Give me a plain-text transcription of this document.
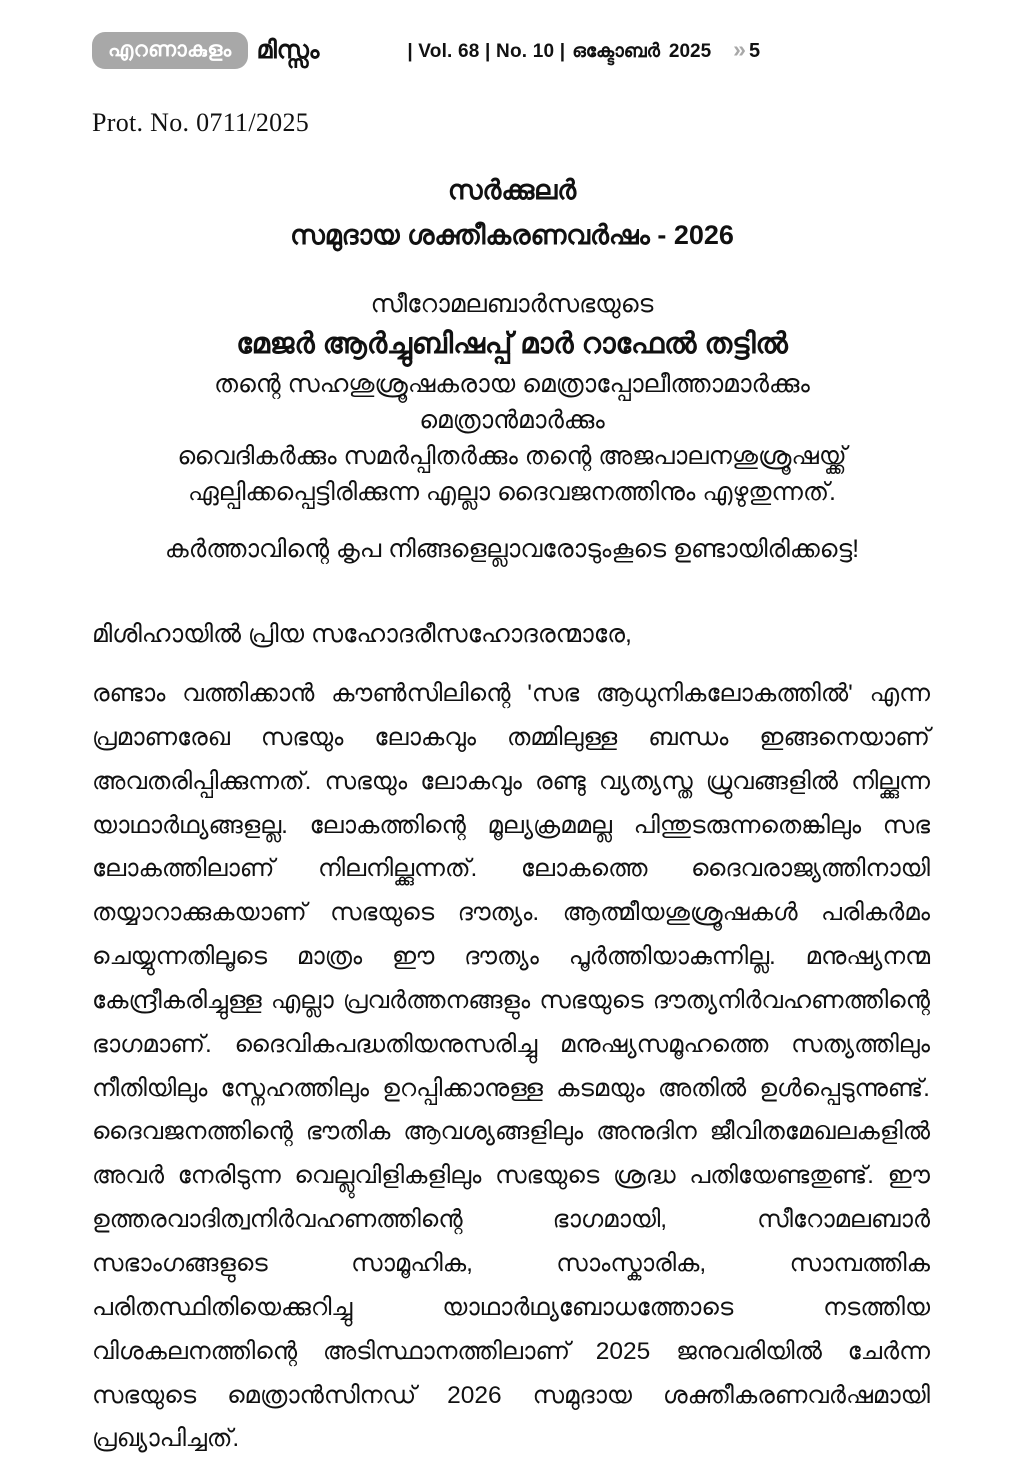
എറണാകുളം	മിസ്സം	| Vol. 68 | No. 10 | ഒക്ടോബർ 2025 » 5
Prot. No. 0711/2025
സർക്കുലർ
സമുദായ ശക്തീകരണവർഷം - 2026
സീറോമലബാർസഭയുടെ
മേജർ ആർച്ചുബിഷപ്പ് മാർ റാഫേൽ തട്ടിൽ
തന്റെ സഹശുശ്രൂഷകരായ മെത്രാപ്പോലീത്താമാർക്കും
മെത്രാൻമാർക്കും
വൈദികർക്കും സമർപ്പിതർക്കും തന്റെ അജപാലനശുശ്രൂഷയ്ക്ക്
ഏല്പിക്കപ്പെട്ടിരിക്കുന്ന എല്ലാ ദൈവജനത്തിനും എഴുതുന്നത്.
കർത്താവിന്റെ കൃപ നിങ്ങളെല്ലാവരോടുംകൂടെ ഉണ്ടായിരിക്കട്ടെ!
മിശിഹായിൽ പ്രിയ സഹോദരീസഹോദരന്മാരേ,

രണ്ടാം വത്തിക്കാൻ കൗൺസിലിന്റെ 'സഭ ആധുനികലോകത്തിൽ' എന്ന പ്രമാണരേഖ സഭയും ലോകവും തമ്മിലുള്ള ബന്ധം ഇങ്ങനെയാണ് അവതരിപ്പിക്കുന്നത്. സഭയും ലോകവും രണ്ടു വ്യത്യസ്ത ധ്രുവങ്ങളിൽ നില്ക്കുന്ന യാഥാർഥ്യങ്ങളല്ല. ലോകത്തിന്റെ മൂല്യക്രമമല്ല പിന്തുടരുന്നതെങ്കിലും സഭ ലോകത്തിലാണ് നിലനില്ക്കുന്നത്. ലോകത്തെ ദൈവരാജ്യത്തിനായി തയ്യാറാക്കുകയാണ് സഭയുടെ ദൗത്യം. ആത്മീയശുശ്രൂഷകൾ പരികർമം ചെയ്യുന്നതിലൂടെ മാത്രം ഈ ദൗത്യം പൂർത്തിയാകുന്നില്ല. മനുഷ്യനന്മ കേന്ദ്രീകരിച്ചുള്ള എല്ലാ പ്രവർത്തനങ്ങളും സഭയുടെ ദൗത്യനിർവഹണത്തിന്റെ ഭാഗമാണ്. ദൈവികപദ്ധതിയനുസരിച്ചു മനുഷ്യസമൂഹത്തെ സത്യത്തിലും നീതിയിലും സ്നേഹത്തിലും ഉറപ്പിക്കാനുള്ള കടമയും അതിൽ ഉൾപ്പെടുന്നുണ്ട്. ദൈവജനത്തിന്റെ ഭൗതിക ആവശ്യങ്ങളിലും അനുദിന ജീവിതമേഖലകളിൽ അവർ നേരിടുന്ന വെല്ലുവിളികളിലും സഭയുടെ ശ്രദ്ധ പതിയേണ്ടതുണ്ട്. ഈ ഉത്തരവാദിത്വനിർവഹണത്തിന്റെ ഭാഗമായി, സീറോമലബാർ സഭാംഗങ്ങളുടെ സാമൂഹിക, സാംസ്കാരിക, സാമ്പത്തിക പരിതസ്ഥിതിയെക്കുറിച്ചു യാഥാർഥ്യബോധത്തോടെ നടത്തിയ വിശകലനത്തിന്റെ അടിസ്ഥാനത്തിലാണ് 2025 ജനുവരിയിൽ ചേർന്ന സഭയുടെ മെത്രാൻസിനഡ് 2026 സമുദായ ശക്തീകരണവർഷമായി പ്രഖ്യാപിച്ചത്.
